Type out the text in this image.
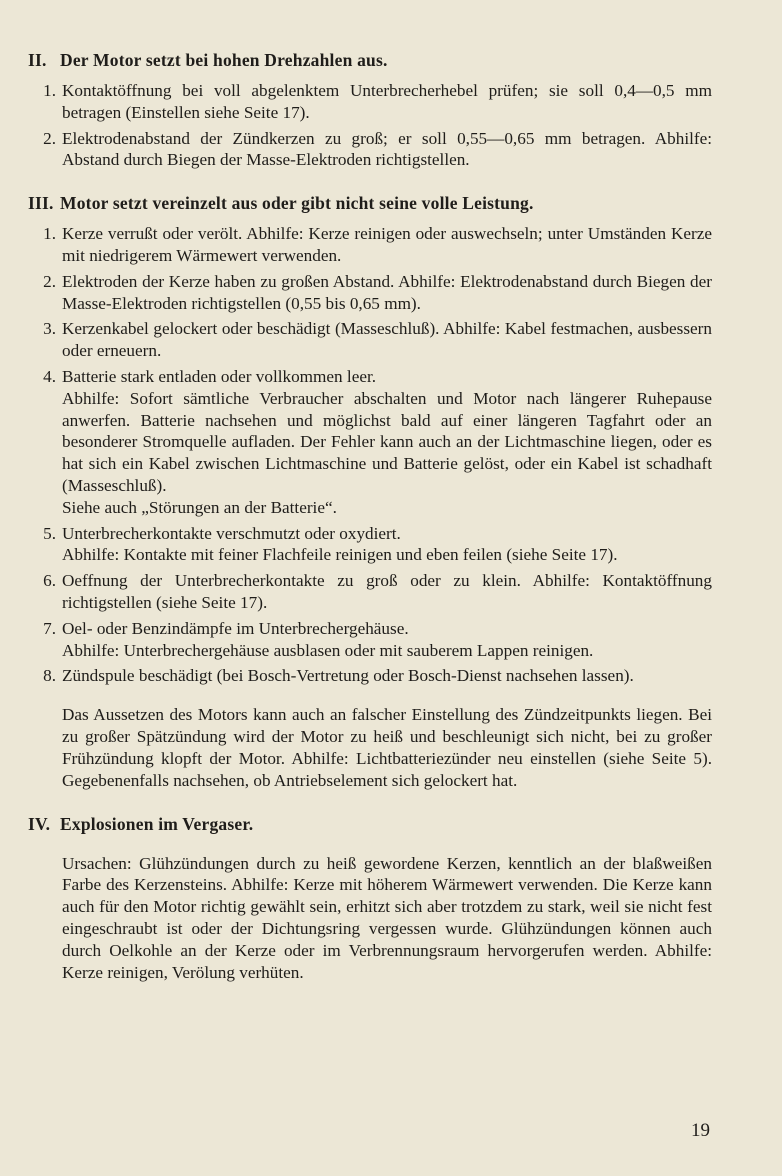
II. Der Motor setzt bei hohen Drehzahlen aus.
1. Kontaktöffnung bei voll abgelenktem Unterbrecherhebel prüfen; sie soll 0,4—0,5 mm betragen (Einstellen siehe Seite 17).

2. Elektrodenabstand der Zündkerzen zu groß; er soll 0,55—0,65 mm betragen. Abhilfe: Abstand durch Biegen der Masse-Elektroden richtigstellen.

III. Motor setzt vereinzelt aus oder gibt nicht seine volle Leistung.
1. Kerze verrußt oder verölt. Abhilfe: Kerze reinigen oder auswechseln; unter Umständen Kerze mit niedrigerem Wärmewert verwenden.

2. Elektroden der Kerze haben zu großen Abstand. Abhilfe: Elektrodenabstand durch Biegen der Masse-Elektroden richtigstellen (0,55 bis 0,65 mm).

3. Kerzenkabel gelockert oder beschädigt (Masseschluß). Abhilfe: Kabel festmachen, ausbessern oder erneuern.

4. Batterie stark entladen oder vollkommen leer.

Abhilfe: Sofort sämtliche Verbraucher abschalten und Motor nach längerer Ruhepause anwerfen. Batterie nachsehen und möglichst bald auf einer längeren Tagfahrt oder an besonderer Stromquelle aufladen. Der Fehler kann auch an der Lichtmaschine liegen, oder es hat sich ein Kabel zwischen Lichtmaschine und Batterie gelöst, oder ein Kabel ist schadhaft (Masseschluß).

Siehe auch „Störungen an der Batterie“.

5. Unterbrecherkontakte verschmutzt oder oxydiert.

Abhilfe: Kontakte mit feiner Flachfeile reinigen und eben feilen (siehe Seite 17).

6. Oeffnung der Unterbrecherkontakte zu groß oder zu klein. Abhilfe: Kontaktöffnung richtigstellen (siehe Seite 17).

7. Oel- oder Benzindämpfe im Unterbrechergehäuse.

Abhilfe: Unterbrechergehäuse ausblasen oder mit sauberem Lappen reinigen.

8. Zündspule beschädigt (bei Bosch-Vertretung oder Bosch-Dienst nachsehen lassen).

Das Aussetzen des Motors kann auch an falscher Einstellung des Zündzeitpunkts liegen. Bei zu großer Spätzündung wird der Motor zu heiß und beschleunigt sich nicht, bei zu großer Frühzündung klopft der Motor. Abhilfe: Lichtbatteriezünder neu einstellen (siehe Seite 5). Gegebenenfalls nachsehen, ob Antriebselement sich gelockert hat.

IV. Explosionen im Vergaser.

Ursachen: Glühzündungen durch zu heiß gewordene Kerzen, kenntlich an der blaßweißen Farbe des Kerzensteins. Abhilfe: Kerze mit höherem Wärmewert verwenden. Die Kerze kann auch für den Motor richtig gewählt sein, erhitzt sich aber trotzdem zu stark, weil sie nicht fest eingeschraubt ist oder der Dichtungsring vergessen wurde. Glühzündungen können auch durch Oelkohle an der Kerze oder im Verbrennungsraum hervorgerufen werden. Abhilfe: Kerze reinigen, Verölung verhüten.

19
